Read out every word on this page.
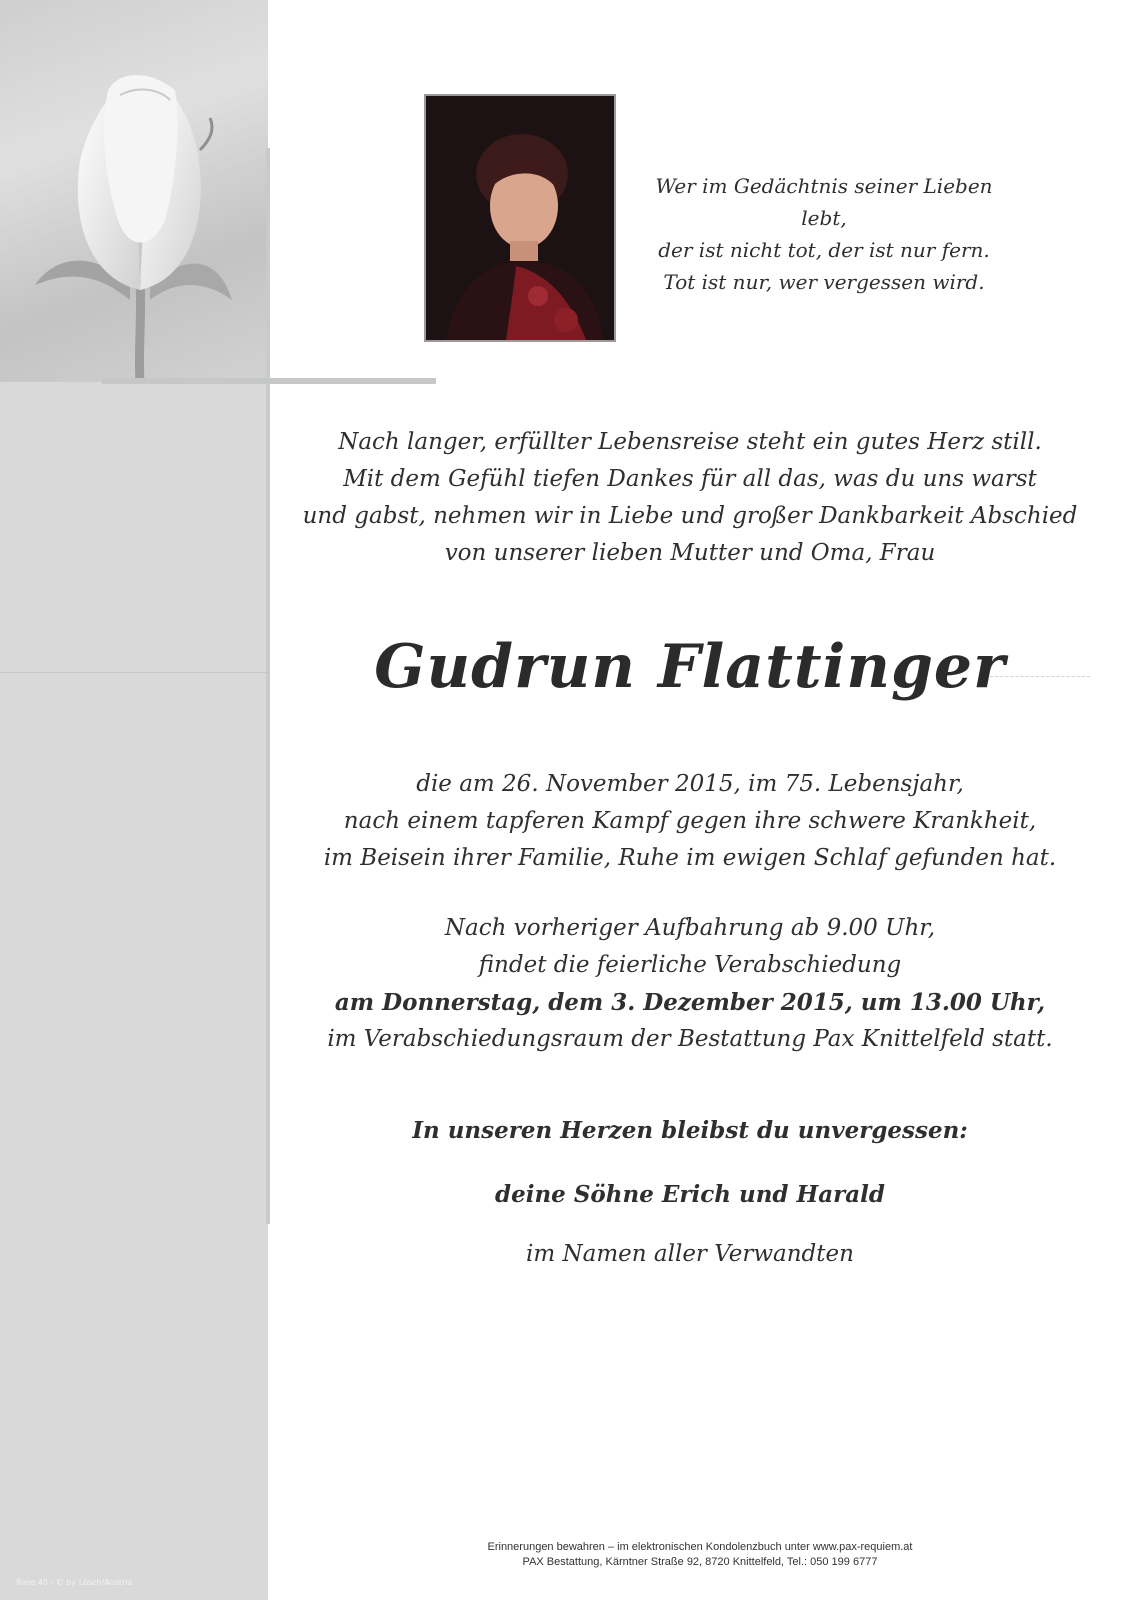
Rose 40 - © by Lösch/Austria
Wer im Gedächtnis seiner Lieben lebt,
der ist nicht tot, der ist nur fern.
Tot ist nur, wer vergessen wird.

Nach langer, erfüllter Lebensreise steht ein gutes Herz still.

Mit dem Gefühl tiefen Dankes für all das, was du uns warst

und gabst, nehmen wir in Liebe und großer Dankbarkeit Abschied

von unserer lieben Mutter und Oma, Frau

Gudrun Flattinger

die am 26. November 2015, im 75. Lebensjahr,

nach einem tapferen Kampf gegen ihre schwere Krankheit,

im Beisein ihrer Familie, Ruhe im ewigen Schlaf gefunden hat.

Nach vorheriger Aufbahrung ab 9.00 Uhr,

findet die feierliche Verabschiedung

am Donnerstag, dem 3. Dezember 2015, um 13.00 Uhr,

im Verabschiedungsraum der Bestattung Pax Knittelfeld statt.

In unseren Herzen bleibst du unvergessen:
deine Söhne Erich und Harald
im Namen aller Verwandten
Erinnerungen bewahren – im elektronischen Kondolenzbuch unter www.pax-requiem.at
PAX Bestattung, Kärntner Straße 92, 8720 Knittelfeld, Tel.: 050 199 6777
